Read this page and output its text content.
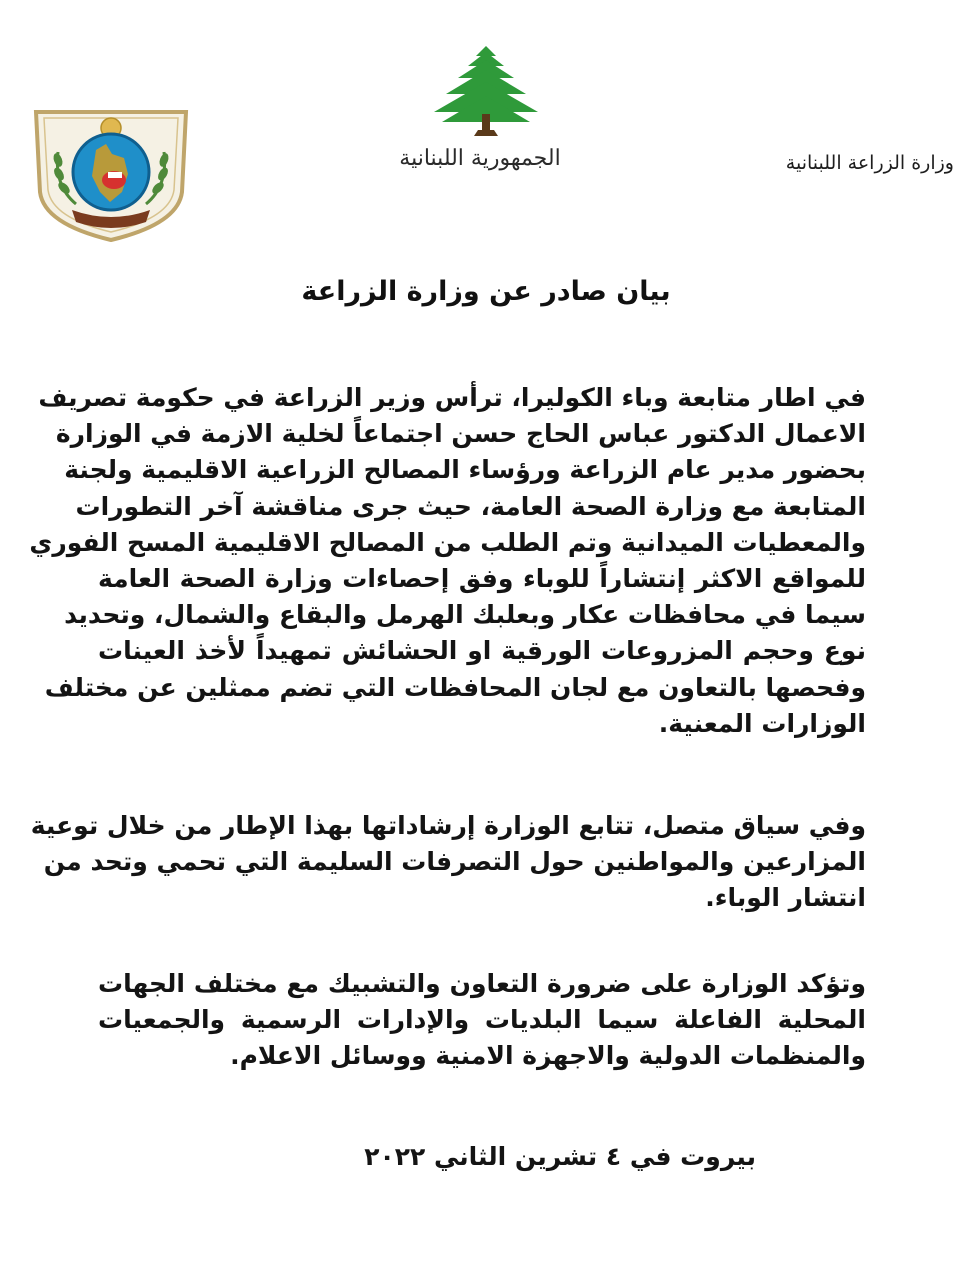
الجمهورية اللبنانية	وزارة الزراعة اللبنانية
بيان صادر عن وزارة الزراعة
في اطار متابعة وباء الكوليرا، ترأس وزير الزراعة في حكومة تصريف
الاعمال الدكتور عباس الحاج حسن اجتماعاً لخلية الازمة في الوزارة
بحضور مدير عام الزراعة ورؤساء المصالح الزراعية الاقليمية ولجنة
المتابعة مع وزارة الصحة العامة، حيث جرى مناقشة آخر التطورات
والمعطيات الميدانية وتم الطلب من المصالح الاقليمية المسح الفوري
للمواقع الاكثر إنتشاراً للوباء وفق إحصاءات وزارة الصحة العامة
سيما في محافظات عكار وبعلبك الهرمل والبقاع والشمال، وتحديد
نوع وحجم المزروعات الورقية او الحشائش تمهيداً لأخذ العينات
وفحصها بالتعاون مع لجان المحافظات التي تضم ممثلين عن مختلف
الوزارات المعنية.
وفي سياق متصل، تتابع الوزارة إرشاداتها بهذا الإطار من خلال توعية
المزارعين والمواطنين حول التصرفات السليمة التي تحمي وتحد من
انتشار الوباء.
وتؤكد الوزارة على ضرورة التعاون والتشبيك مع مختلف الجهات
المحلية الفاعلة سيما البلديات والإدارات الرسمية والجمعيات
والمنظمات الدولية والاجهزة الامنية ووسائل الاعلام.
بيروت في ٤ تشرين الثاني ٢٠٢٢
